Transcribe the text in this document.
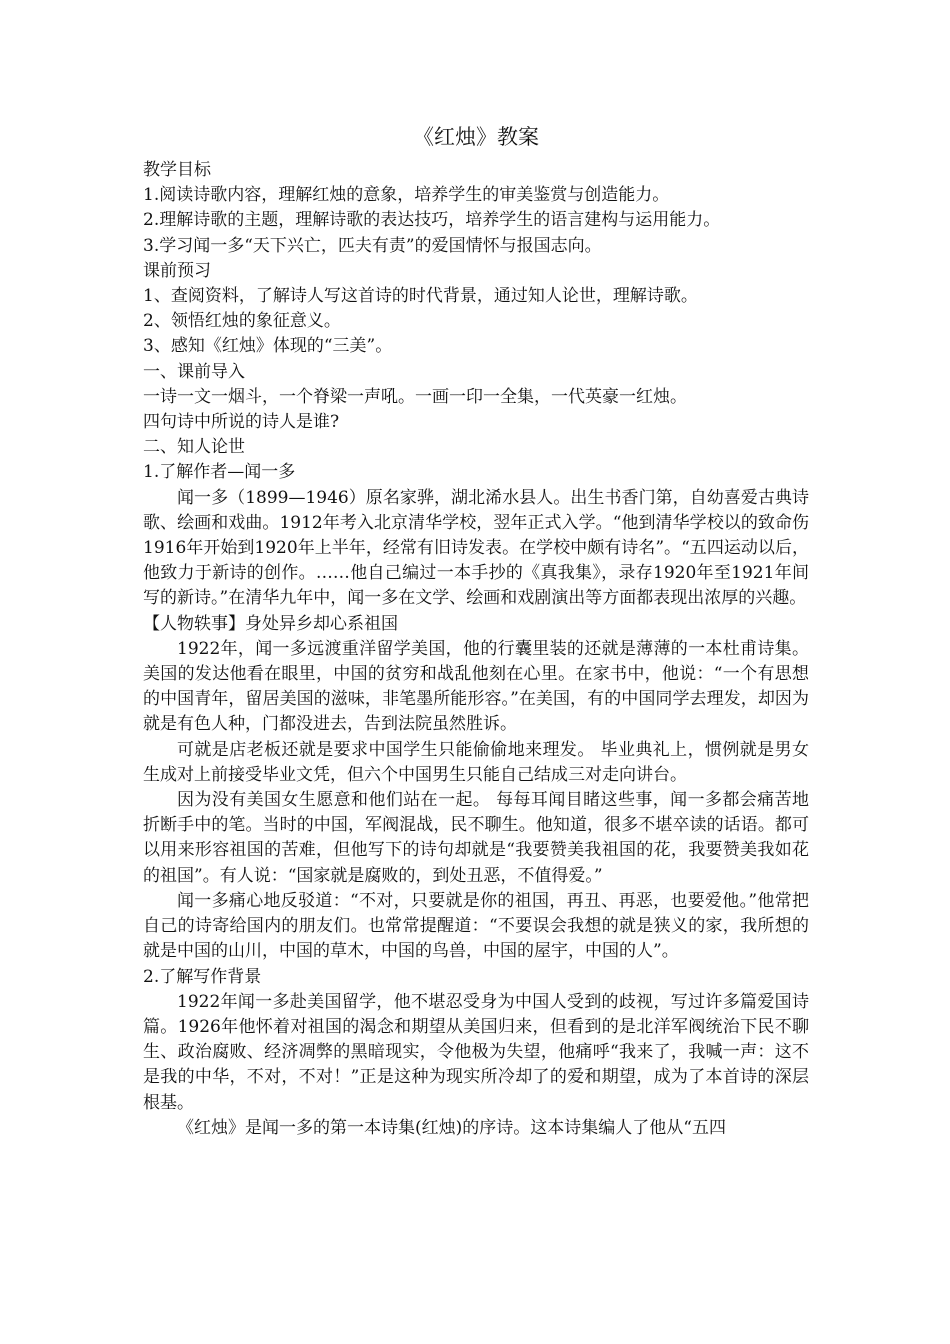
《红烛》教案

教学目标

1.阅读诗歌内容，理解红烛的意象，培养学生的审美鉴赏与创造能力。

2.理解诗歌的主题，理解诗歌的表达技巧，培养学生的语言建构与运用能力。

3.学习闻一多“天下兴亡，匹夫有责”的爱国情怀与报国志向。

课前预习

1、查阅资料，了解诗人写这首诗的时代背景，通过知人论世，理解诗歌。

2、领悟红烛的象征意义。

3、感知《红烛》体现的“三美”。

一、课前导入

一诗一文一烟斗，一个脊梁一声吼。一画一印一全集，一代英豪一红烛。

四句诗中所说的诗人是谁?

二、知人论世

1.了解作者—闻一多

闻一多（1899—1946）原名家骅，湖北浠水县人。出生书香门第，自幼喜爱古典诗歌、绘画和戏曲。1912年考入北京清华学校，翌年正式入学。“他到清华学校以的致命伤1916年开始到1920年上半年，经常有旧诗发表。在学校中颇有诗名”。“五四运动以后，他致力于新诗的创作。……他自己编过一本手抄的《真我集》，录存1920年至1921年间写的新诗。”在清华九年中，闻一多在文学、绘画和戏剧演出等方面都表现出浓厚的兴趣。

【人物轶事】身处异乡却心系祖国

1922年，闻一多远渡重洋留学美国，他的行囊里装的还就是薄薄的一本杜甫诗集。美国的发达他看在眼里，中国的贫穷和战乱他刻在心里。在家书中，他说：“一个有思想的中国青年，留居美国的滋味，非笔墨所能形容。”在美国，有的中国同学去理发，却因为就是有色人种，门都没进去，告到法院虽然胜诉。

可就是店老板还就是要求中国学生只能偷偷地来理发。 毕业典礼上，惯例就是男女生成对上前接受毕业文凭，但六个中国男生只能自己结成三对走向讲台。

因为没有美国女生愿意和他们站在一起。 每每耳闻目睹这些事，闻一多都会痛苦地折断手中的笔。当时的中国，军阀混战，民不聊生。他知道，很多不堪卒读的话语。都可以用来形容祖国的苦难，但他写下的诗句却就是“我要赞美我祖国的花，我要赞美我如花的祖国”。有人说：“国家就是腐败的，到处丑恶，不值得爱。”

闻一多痛心地反驳道：“不对，只要就是你的祖国，再丑、再恶，也要爱他。”他常把自己的诗寄给国内的朋友们。也常常提醒道：“不要误会我想的就是狭义的家，我所想的就是中国的山川，中国的草木，中国的鸟兽，中国的屋宇，中国的人”。

2.了解写作背景

1922年闻一多赴美国留学，他不堪忍受身为中国人受到的歧视，写过许多篇爱国诗篇。1926年他怀着对祖国的渴念和期望从美国归来，但看到的是北洋军阀统治下民不聊生、政治腐败、经济凋弊的黑暗现实，令他极为失望，他痛呼“我来了，我喊一声：这不是我的中华，不对，不对！”正是这种为现实所冷却了的爱和期望，成为了本首诗的深层根基。

《红烛》是闻一多的第一本诗集(红烛)的序诗。这本诗集编人了他从“五四
